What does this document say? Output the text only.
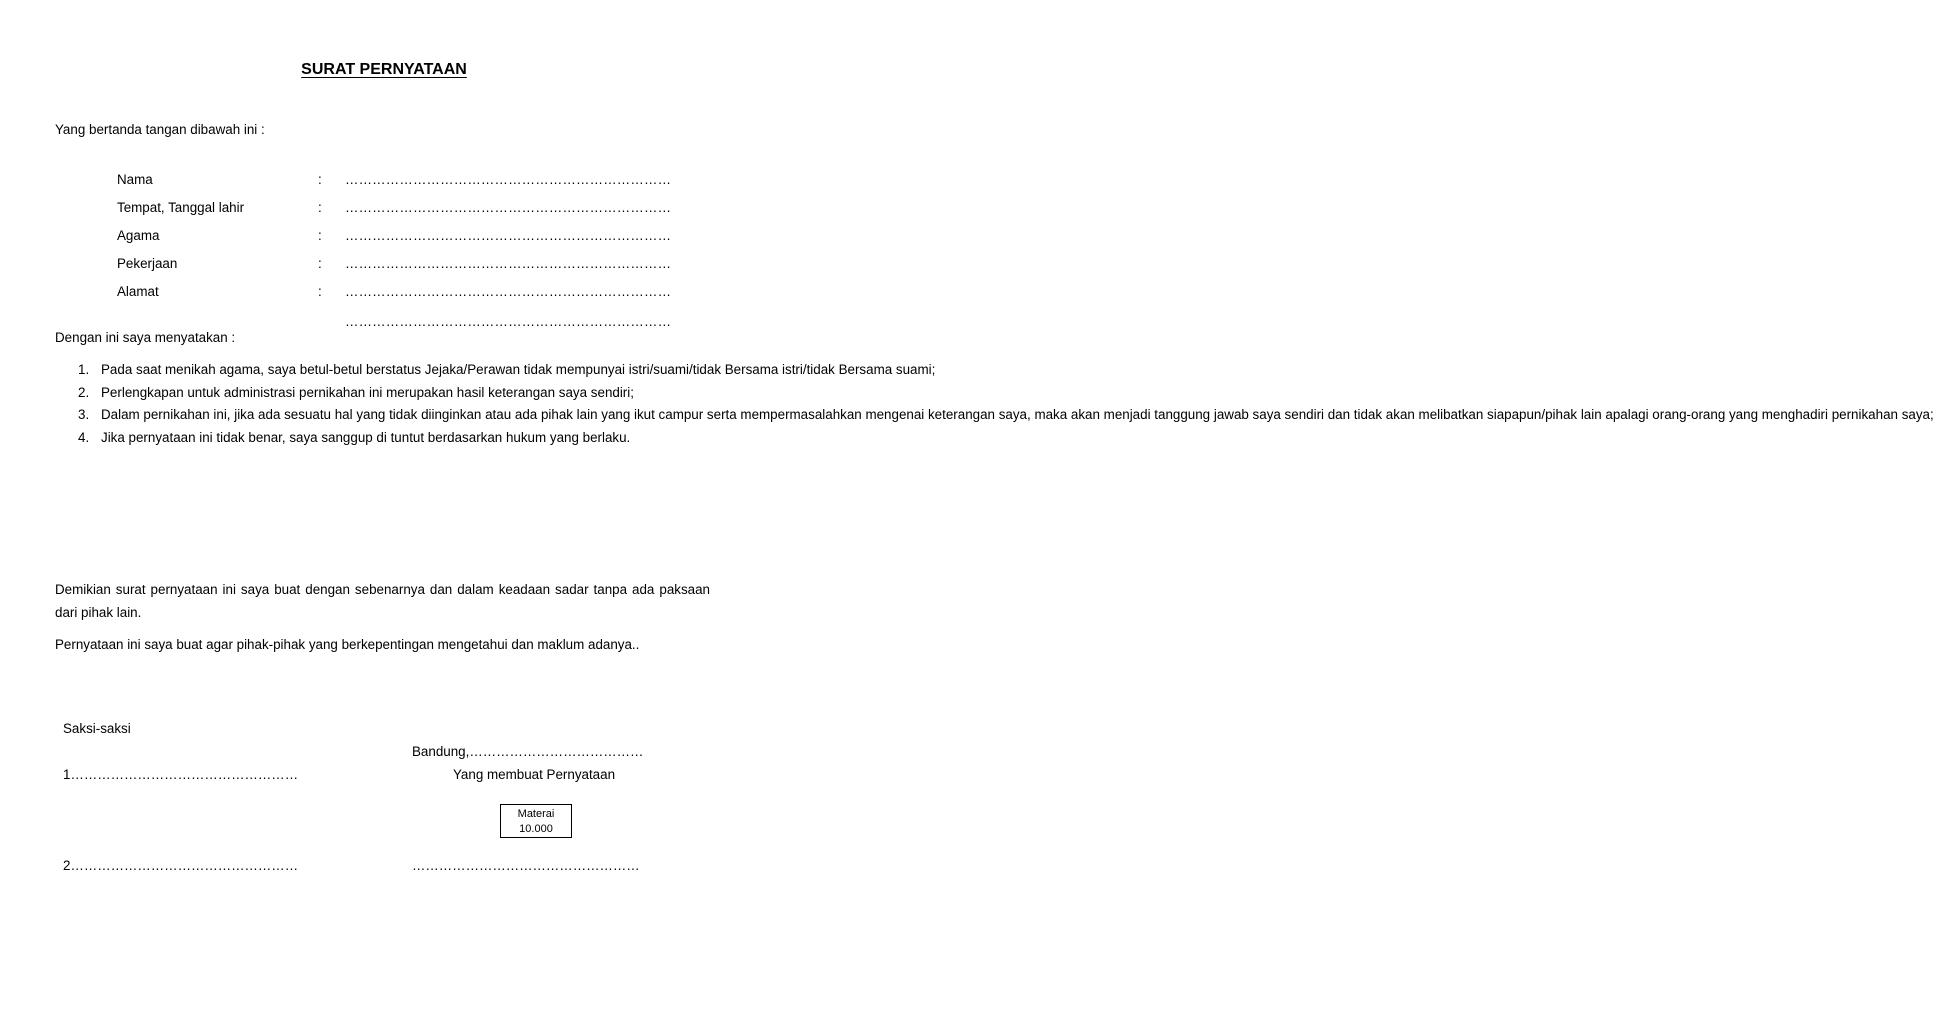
SURAT PERNYATAAN
Yang bertanda tangan dibawah ini :
Nama	: ………………………………………………………………
Tempat, Tanggal lahir	: ………………………………………………………………
Agama	: ………………………………………………………………
Pekerjaan	: ………………………………………………………………
Alamat	: ………………………………………………………………
………………………………………………………………
Dengan ini saya menyatakan :
1. Pada saat menikah agama, saya betul-betul berstatus Jejaka/Perawan tidak mempunyai istri/suami/tidak Bersama istri/tidak Bersama suami;
2. Perlengkapan untuk administrasi pernikahan ini merupakan hasil keterangan saya sendiri;
3. Dalam pernikahan ini, jika ada sesuatu hal yang tidak diinginkan atau ada pihak lain yang ikut campur serta mempermasalahkan mengenai keterangan saya, maka akan menjadi tanggung jawab saya sendiri dan tidak akan melibatkan siapapun/pihak lain apalagi orang-orang yang menghadiri pernikahan saya;
4. Jika pernyataan ini tidak benar, saya sanggup di tuntut berdasarkan hukum yang berlaku.
Demikian surat pernyataan ini saya buat dengan sebenarnya dan dalam keadaan sadar tanpa ada paksaan dari pihak lain.
Pernyataan ini saya buat agar pihak-pihak yang berkepentingan mengetahui dan maklum adanya..
Saksi-saksi
Bandung,…………………………………
1……………………………………………	Yang membuat Pernyataan
Materai
10.000
2……………………………………………	……………………………………………
